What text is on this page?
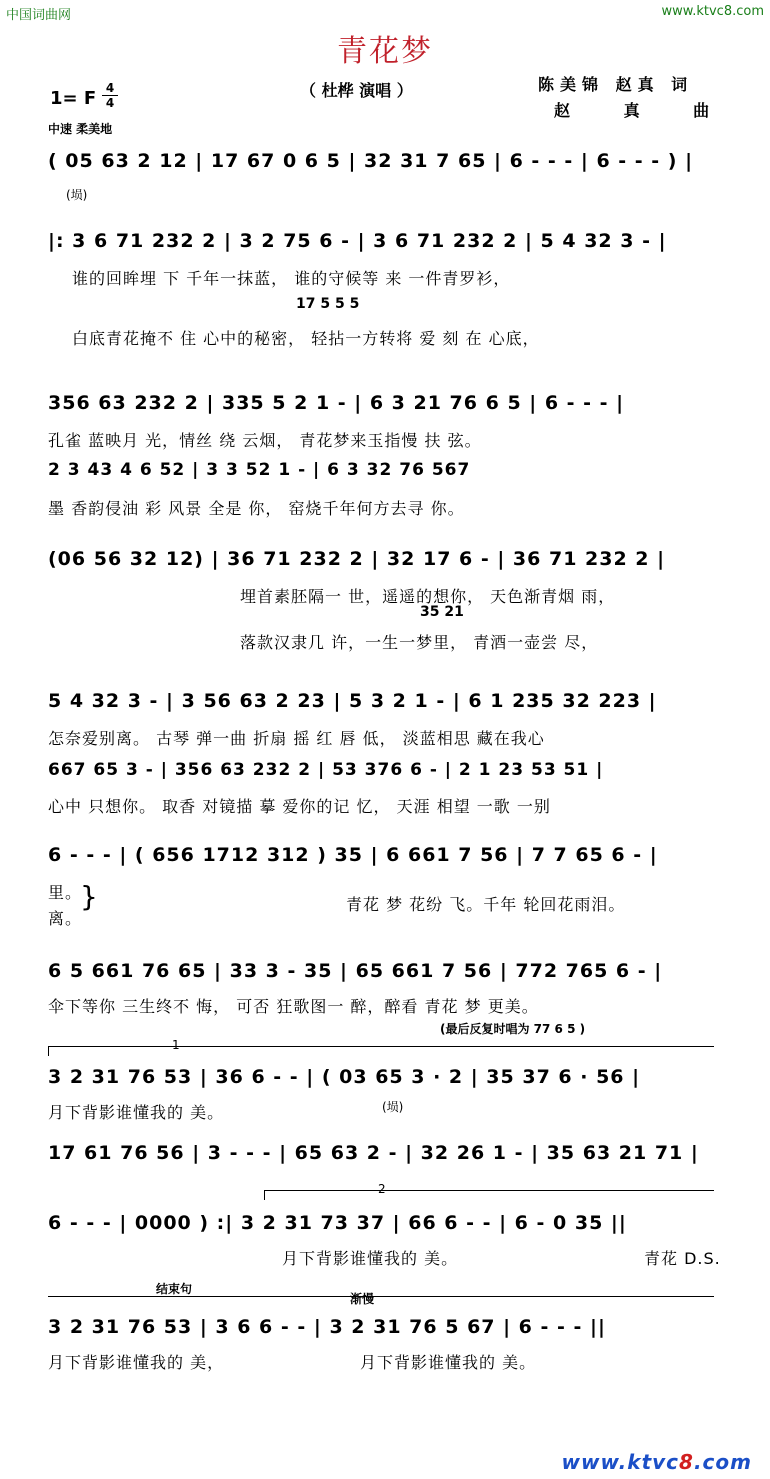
中国词曲网	www.ktvc8.com
青花梦
（ 杜桦 演唱 ）	陈美锦 赵真 词
赵 真 曲
1= F 4
4
中速 柔美地
( 05 63 2 12 | 17 67 0 6 5 | 32 31 7 65 | 6 - - - | 6 - - - ) |
(埙)
|: 3 6 71 232 2 | 3 2 75 6 - | 3 6 71 232 2 | 5 4 32 3 - |
谁的回眸埋 下 千年一抹蓝， 谁的守候等 来 一件青罗衫，
17 5 5 5
白底青花掩不 住 心中的秘密， 轻拈一方转将 爱 刻 在 心底，
356 63 232 2 | 335 5 2 1 - | 6 3 21 76 6 5 | 6 - - - |
孔雀 蓝映月 光，情丝 绕 云烟， 青花梦来玉指慢 扶 弦。
2 3 43 4 6 52 | 3 3 52 1 - | 6 3 32 76 567
墨 香韵侵油 彩 风景 全是 你， 窑烧千年何方去寻 你。
(06 56 32 12) | 36 71 232 2 | 32 17 6 - | 36 71 232 2 |
埋首素胚隔一 世，遥遥的想你， 天色渐青烟 雨，
35 21
落款汉隶几 许，一生一梦里， 青酒一壶尝 尽，
5 4 32 3 - | 3 56 63 2 23 | 5 3 2 1 - | 6 1 235 32 223 |
怎奈爱别离。 古琴 弹一曲 折扇 摇 红 唇 低， 淡蓝相思 藏在我心
667 65 3 - | 356 63 232 2 | 53 376 6 - | 2 1 23 53 51 |
心中 只想你。 取香 对镜描 摹 爱你的记 忆， 天涯 相望 一歌 一别
6 - - - | ( 656 1712 312 ) 35 | 6 661 7 56 | 7 7 65 6 - |
里。
青花 梦 花纷 飞。千年 轮回花雨泪。
离。
}
6 5 661 76 65 | 33 3 - 35 | 65 661 7 56 | 772 765 6 - |
伞下等你 三生终不 悔， 可否 狂歌图一 醉，醉看 青花 梦 更美。
(最后反复时唱为 77 6 5 )
1
3 2 31 76 53 | 36 6 - - | ( 03 65 3 · 2 | 35 37 6 · 56 |
月下背影谁懂我的 美。	(埙)
17 61 76 56 | 3 - - - | 65 63 2 - | 32 26 1 - | 35 63 21 71 |
2
6 - - - | 0000 ) :| 3 2 31 73 37 | 66 6 - - | 6 - 0 35 ||
月下背影谁懂我的 美。	青花 D.S.
结束句
渐慢
3 2 31 76 53 | 3 6 6 - - | 3 2 31 76 5 67 | 6 - - - ||
月下背影谁懂我的 美，	月下背影谁懂我的 美。
www.ktvc8.com
